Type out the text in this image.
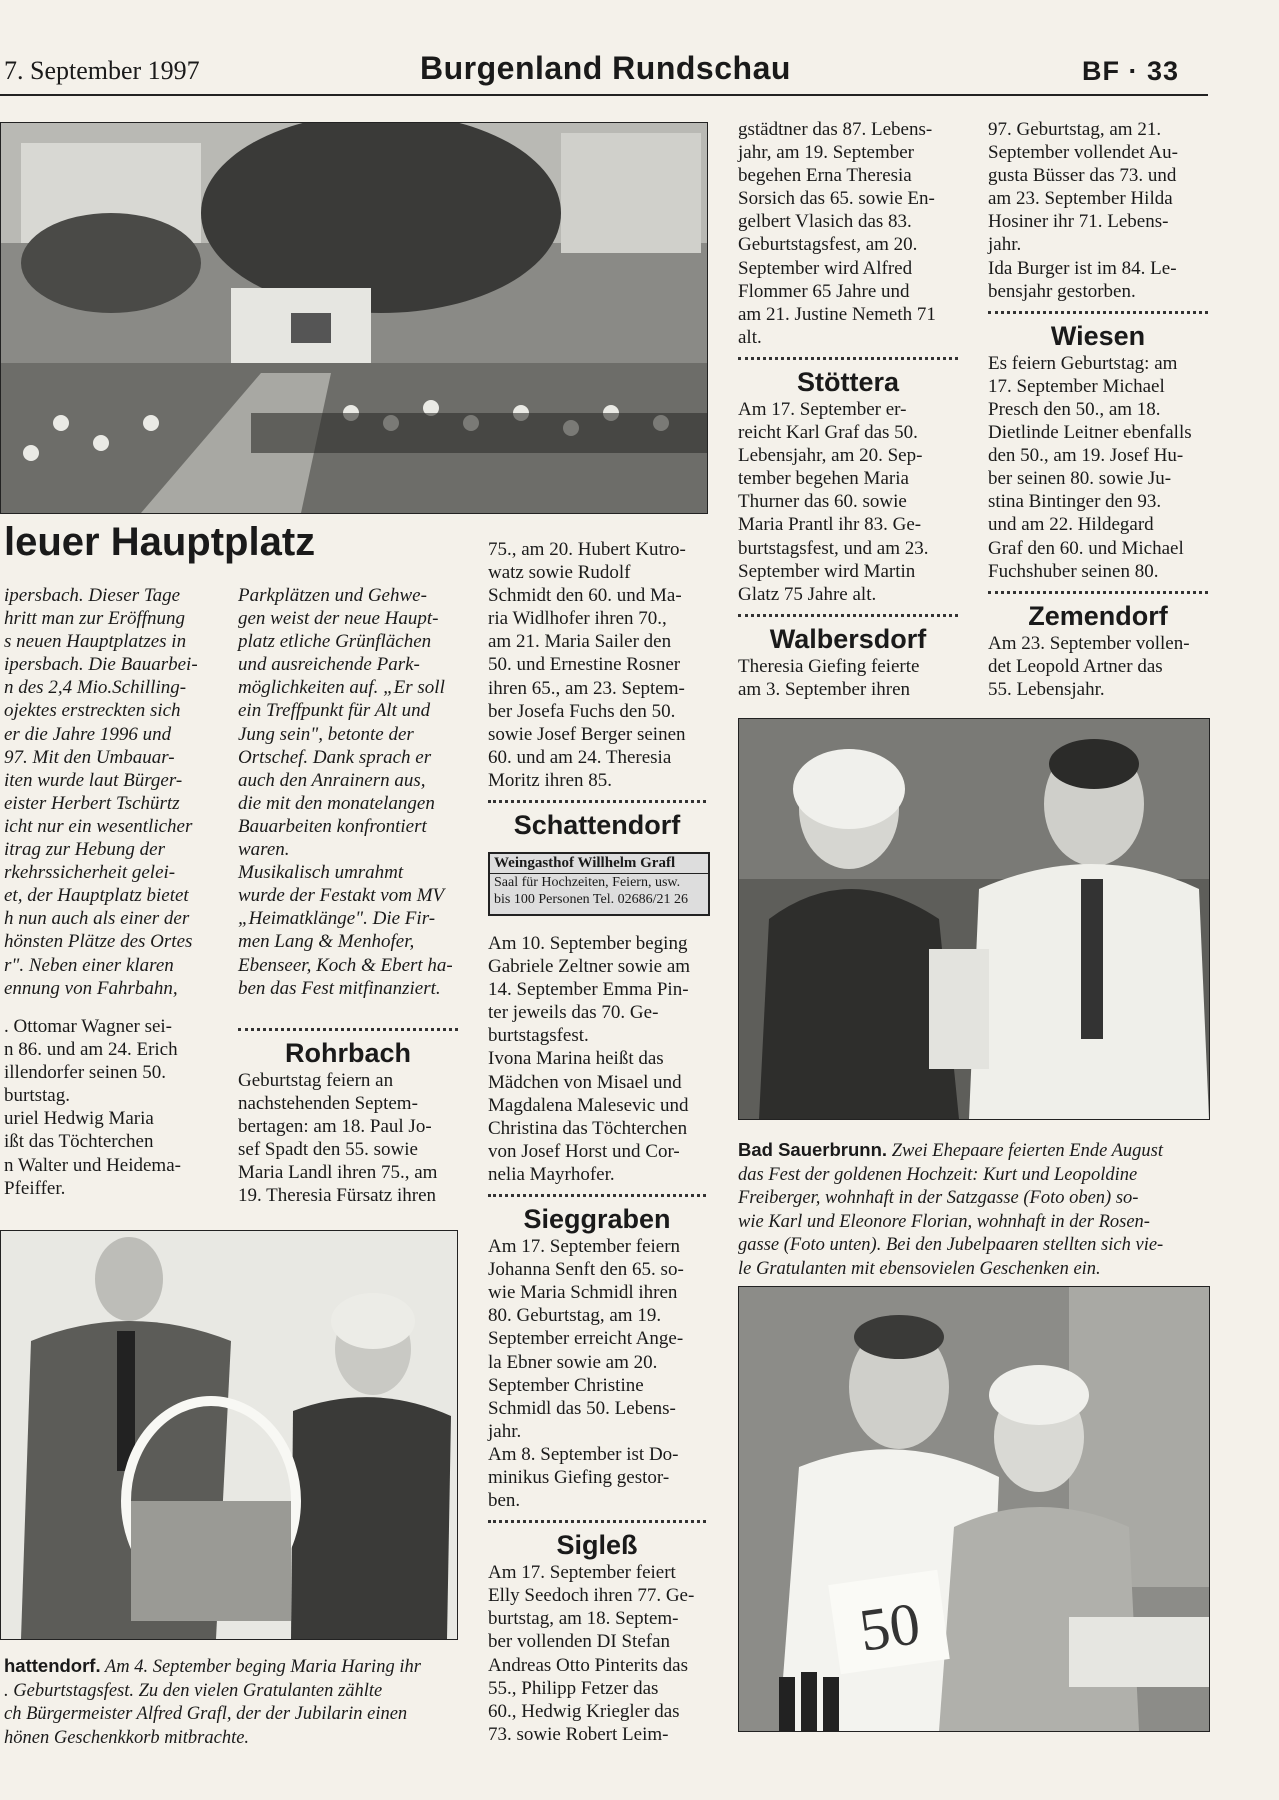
7. September 1997	Burgenland Rundschau	BF · 33
leuer Hauptplatz

ipersbach. Dieser Tage

hritt man zur Eröffnung

s neuen Hauptplatzes in

ipersbach. Die Bauarbei-

n des 2,4 Mio.Schilling-

ojektes erstreckten sich

er die Jahre 1996 und

97. Mit den Umbauar-

iten wurde laut Bürger-

eister Herbert Tschürtz

icht nur ein wesentlicher

itrag zur Hebung der

rkehrssicherheit gelei-

et, der Hauptplatz bietet

h nun auch als einer der

hönsten Plätze des Ortes

r". Neben einer klaren

ennung von Fahrbahn,

. Ottomar Wagner sei-

n 86. und am 24. Erich

illendorfer seinen 50.

burtstag.

uriel Hedwig Maria

ißt das Töchterchen

n Walter und Heidema-

Pfeiffer.

Parkplätzen und Gehwe-

gen weist der neue Haupt-

platz etliche Grünflächen

und ausreichende Park-

möglichkeiten auf. „Er soll

ein Treffpunkt für Alt und

Jung sein", betonte der

Ortschef. Dank sprach er

auch den Anrainern aus,

die mit den monatelangen

Bauarbeiten konfrontiert

waren.

Musikalisch umrahmt

wurde der Festakt vom MV

„Heimatklänge". Die Fir-

men Lang & Menhofer,

Ebenseer, Koch & Ebert ha-

ben das Fest mitfinanziert.

Rohrbach

Geburtstag feiern an

nachstehenden Septem-

bertagen: am 18. Paul Jo-

sef Spadt den 55. sowie

Maria Landl ihren 75., am

19. Theresia Fürsatz ihren

75., am 20. Hubert Kutro-

watz sowie Rudolf

Schmidt den 60. und Ma-

ria Widlhofer ihren 70.,

am 21. Maria Sailer den

50. und Ernestine Rosner

ihren 65., am 23. Septem-

ber Josefa Fuchs den 50.

sowie Josef Berger seinen

60. und am 24. Theresia

Moritz ihren 85.

Schattendorf
Weingasthof Willhelm Grafl
Saal für Hochzeiten, Feiern, usw.
bis 100 Personen Tel. 02686/21 26

Am 10. September beging

Gabriele Zeltner sowie am

14. September Emma Pin-

ter jeweils das 70. Ge-

burtstagsfest.

Ivona Marina heißt das

Mädchen von Misael und

Magdalena Malesevic und

Christina das Töchterchen

von Josef Horst und Cor-

nelia Mayrhofer.

Sieggraben

Am 17. September feiern

Johanna Senft den 65. so-

wie Maria Schmidl ihren

80. Geburtstag, am 19.

September erreicht Ange-

la Ebner sowie am 20.

September Christine

Schmidl das 50. Lebens-

jahr.

Am 8. September ist Do-

minikus Giefing gestor-

ben.

Sigleß

Am 17. September feiert

Elly Seedoch ihren 77. Ge-

burtstag, am 18. Septem-

ber vollenden DI Stefan

Andreas Otto Pinterits das

55., Philipp Fetzer das

60., Hedwig Kriegler das

73. sowie Robert Leim-

gstädtner das 87. Lebens-

jahr, am 19. September

begehen Erna Theresia

Sorsich das 65. sowie En-

gelbert Vlasich das 83.

Geburtstagsfest, am 20.

September wird Alfred

Flommer 65 Jahre und

am 21. Justine Nemeth 71

alt.

Stöttera

Am 17. September er-

reicht Karl Graf das 50.

Lebensjahr, am 20. Sep-

tember begehen Maria

Thurner das 60. sowie

Maria Prantl ihr 83. Ge-

burtstagsfest, und am 23.

September wird Martin

Glatz 75 Jahre alt.

Walbersdorf

Theresia Giefing feierte

am 3. September ihren

97. Geburtstag, am 21.

September vollendet Au-

gusta Büsser das 73. und

am 23. September Hilda

Hosiner ihr 71. Lebens-

jahr.

Ida Burger ist im 84. Le-

bensjahr gestorben.

Wiesen

Es feiern Geburtstag: am

17. September Michael

Presch den 50., am 18.

Dietlinde Leitner ebenfalls

den 50., am 19. Josef Hu-

ber seinen 80. sowie Ju-

stina Bintinger den 93.

und am 22. Hildegard

Graf den 60. und Michael

Fuchshuber seinen 80.

Zemendorf

Am 23. September vollen-

det Leopold Artner das

55. Lebensjahr.

Bad Sauerbrunn. Zwei Ehepaare feierten Ende August
das Fest der goldenen Hochzeit: Kurt und Leopoldine
Freiberger, wohnhaft in der Satzgasse (Foto oben) so-
wie Karl und Eleonore Florian, wohnhaft in der Rosen-
gasse (Foto unten). Bei den Jubelpaaren stellten sich vie-
le Gratulanten mit ebensovielen Geschenken ein.
50
hattendorf. Am 4. September beging Maria Haring ihr
. Geburtstagsfest. Zu den vielen Gratulanten zählte
ch Bürgermeister Alfred Grafl, der der Jubilarin einen
hönen Geschenkkorb mitbrachte.
